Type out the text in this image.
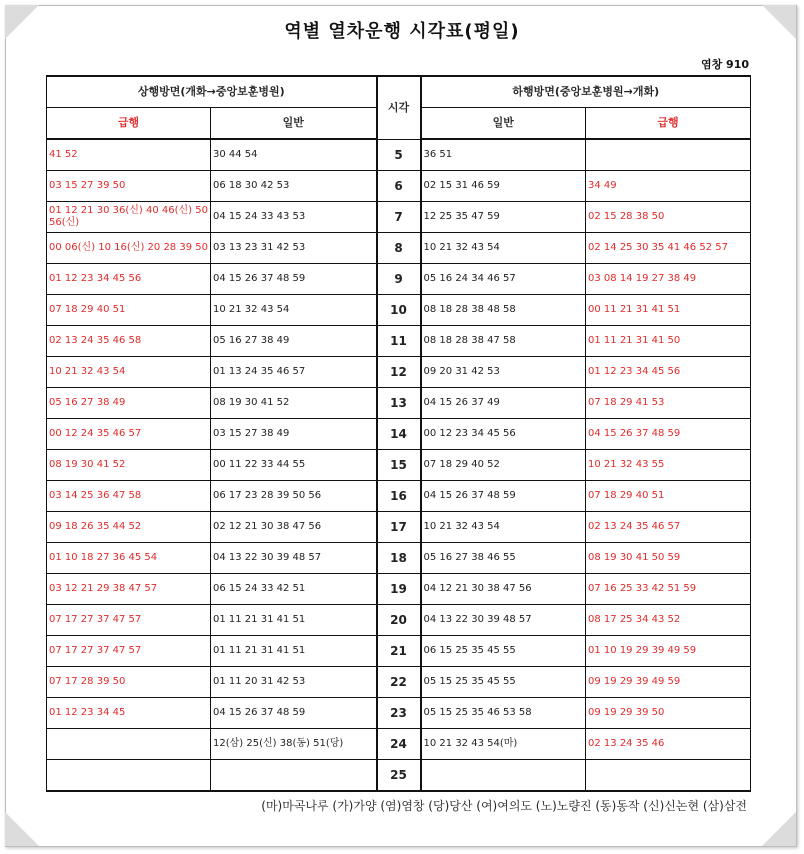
역별 열차운행 시각표(평일)
염창 910
상행방면(개화→중앙보훈병원)		시각	하행방면(중앙보훈병원→개화)	
급행	일반		일반	급행
41 52	30 44 54	5	36 51	
03 15 27 39 50	06 18 30 42 53	6	02 15 31 46 59	34 49
01 12 21 30 36(신) 40 46(신) 50 56(신)	04 15 24 33 43 53	7	12 25 35 47 59	02 15 28 38 50
00 06(신) 10 16(신) 20 28 39 50	03 13 23 31 42 53	8	10 21 32 43 54	02 14 25 30 35 41 46 52 57
01 12 23 34 45 56	04 15 26 37 48 59	9	05 16 24 34 46 57	03 08 14 19 27 38 49
07 18 29 40 51	10 21 32 43 54	10	08 18 28 38 48 58	00 11 21 31 41 51
02 13 24 35 46 58	05 16 27 38 49	11	08 18 28 38 47 58	01 11 21 31 41 50
10 21 32 43 54	01 13 24 35 46 57	12	09 20 31 42 53	01 12 23 34 45 56
05 16 27 38 49	08 19 30 41 52	13	04 15 26 37 49	07 18 29 41 53
00 12 24 35 46 57	03 15 27 38 49	14	00 12 23 34 45 56	04 15 26 37 48 59
08 19 30 41 52	00 11 22 33 44 55	15	07 18 29 40 52	10 21 32 43 55
03 14 25 36 47 58	06 17 23 28 39 50 56	16	04 15 26 37 48 59	07 18 29 40 51
09 18 26 35 44 52	02 12 21 30 38 47 56	17	10 21 32 43 54	02 13 24 35 46 57
01 10 18 27 36 45 54	04 13 22 30 39 48 57	18	05 16 27 38 46 55	08 19 30 41 50 59
03 12 21 29 38 47 57	06 15 24 33 42 51	19	04 12 21 30 38 47 56	07 16 25 33 42 51 59
07 17 27 37 47 57	01 11 21 31 41 51	20	04 13 22 30 39 48 57	08 17 25 34 43 52
07 17 27 37 47 57	01 11 21 31 41 51	21	06 15 25 35 45 55	01 10 19 29 39 49 59
07 17 28 39 50	01 11 20 31 42 53	22	05 15 25 35 45 55	09 19 29 39 49 59
01 12 23 34 45	04 15 26 37 48 59	23	05 15 25 35 46 53 58	09 19 29 39 50
	12(삼) 25(신) 38(동) 51(당)	24	10 21 32 43 54(마)	02 13 24 35 46
		25		
(마)마곡나루 (가)가양 (염)염창 (당)당산 (여)여의도 (노)노량진 (동)동작 (신)신논현 (삼)삼전
